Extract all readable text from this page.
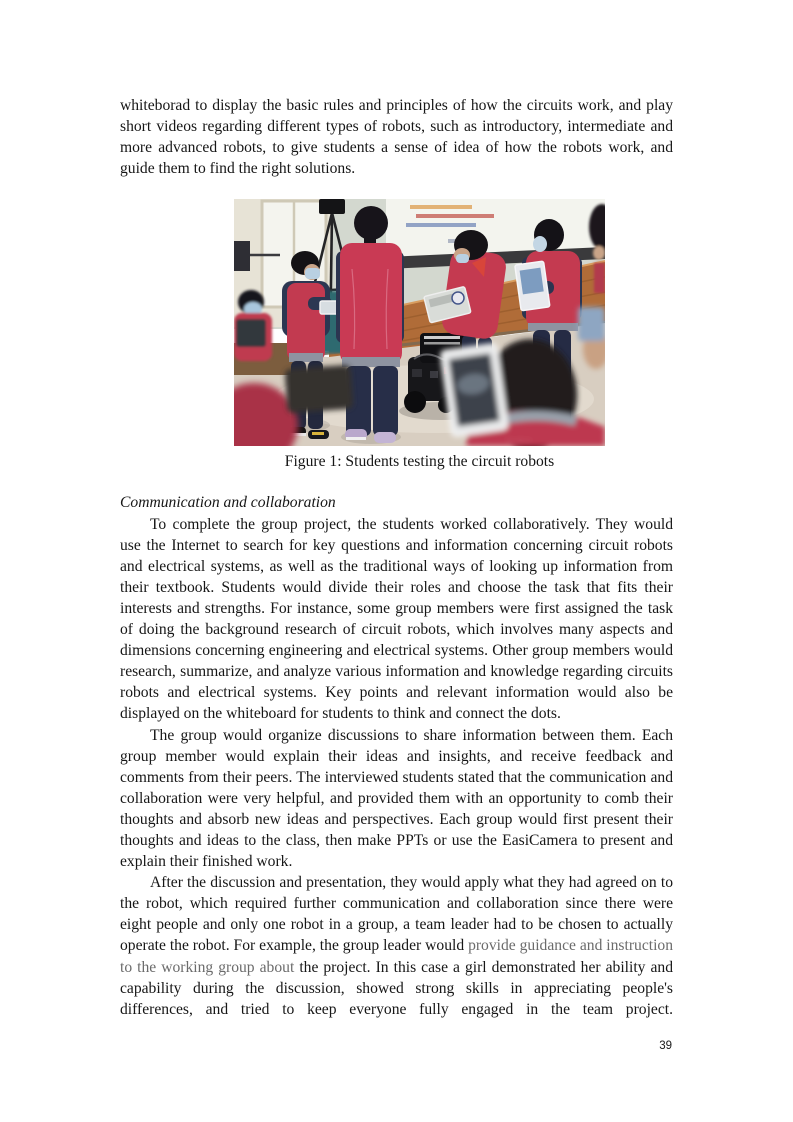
whiteborad to display the basic rules and principles of how the circuits work, and play short videos regarding different types of robots, such as introductory, intermediate and more advanced robots, to give students a sense of idea of how the robots work, and guide them to find the right solutions.

.... ..... ..
Figure 1: Students testing the circuit robots
Communication and collaboration

To complete the group project, the students worked collaboratively. They would use the Internet to search for key questions and information concerning circuit robots and electrical systems, as well as the traditional ways of looking up information from their textbook. Students would divide their roles and choose the task that fits their interests and strengths. For instance, some group members were first assigned the task of doing the background research of circuit robots, which involves many aspects and dimensions concerning engineering and electrical systems. Other group members would research, summarize, and analyze various information and knowledge regarding circuits robots and electrical systems. Key points and relevant information would also be displayed on the whiteboard for students to think and connect the dots.

The group would organize discussions to share information between them. Each group member would explain their ideas and insights, and receive feedback and comments from their peers. The interviewed students stated that the communication and collaboration were very helpful, and provided them with an opportunity to comb their thoughts and absorb new ideas and perspectives. Each group would first present their thoughts and ideas to the class, then make PPTs or use the EasiCamera to present and explain their finished work.

After the discussion and presentation, they would apply what they had agreed on to the robot, which required further communication and collaboration since there were eight people and only one robot in a group, a team leader had to be chosen to actually operate the robot. For example, the group leader would provide guidance and instruction to the working group about the project. In this case a girl demonstrated her ability and capability during the discussion, showed strong skills in appreciating people's differences, and tried to keep everyone fully engaged in the team project.

39
